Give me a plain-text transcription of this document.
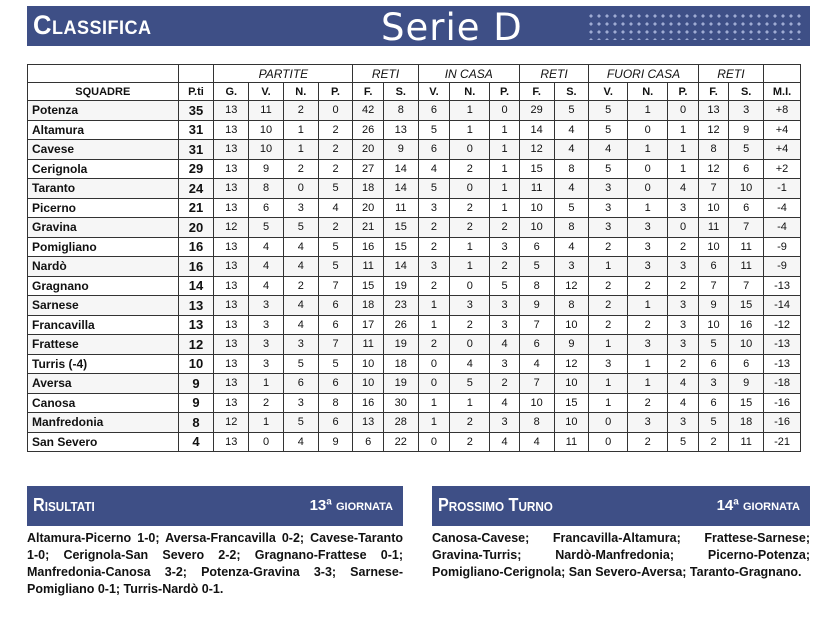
Classifica	Serie D
		PARTITE				RETI		IN CASA			RETI		FUORI CASA			RETI		
SQUADRE	P.ti	G.	V.	N.	P.	F.	S.	V.	N.	P.	F.	S.	V.	N.	P.	F.	S.	M.I.
Potenza	35	13	11	2	0	42	8	6	1	0	29	5	5	1	0	13	3	+8
Altamura	31	13	10	1	2	26	13	5	1	1	14	4	5	0	1	12	9	+4
Cavese	31	13	10	1	2	20	9	6	0	1	12	4	4	1	1	8	5	+4
Cerignola	29	13	9	2	2	27	14	4	2	1	15	8	5	0	1	12	6	+2
Taranto	24	13	8	0	5	18	14	5	0	1	11	4	3	0	4	7	10	-1
Picerno	21	13	6	3	4	20	11	3	2	1	10	5	3	1	3	10	6	-4
Gravina	20	12	5	5	2	21	15	2	2	2	10	8	3	3	0	11	7	-4
Pomigliano	16	13	4	4	5	16	15	2	1	3	6	4	2	3	2	10	11	-9
Nardò	16	13	4	4	5	11	14	3	1	2	5	3	1	3	3	6	11	-9
Gragnano	14	13	4	2	7	15	19	2	0	5	8	12	2	2	2	7	7	-13
Sarnese	13	13	3	4	6	18	23	1	3	3	9	8	2	1	3	9	15	-14
Francavilla	13	13	3	4	6	17	26	1	2	3	7	10	2	2	3	10	16	-12
Frattese	12	13	3	3	7	11	19	2	0	4	6	9	1	3	3	5	10	-13
Turris (-4)	10	13	3	5	5	10	18	0	4	3	4	12	3	1	2	6	6	-13
Aversa	9	13	1	6	6	10	19	0	5	2	7	10	1	1	4	3	9	-18
Canosa	9	13	2	3	8	16	30	1	1	4	10	15	1	2	4	6	15	-16
Manfredonia	8	12	1	5	6	13	28	1	2	3	8	10	0	3	3	5	18	-16
San Severo	4	13	0	4	9	6	22	0	2	4	4	11	0	2	5	2	11	-21
Risultati	13ª giornata
Altamura-Picerno 1-0; Aversa-Francavilla 0-2; Cavese-Taranto 1-0; Cerignola-San Severo 2-2; Gragnano-Frattese 0-1; Manfredonia-Canosa 3-2; Potenza-Gravina 3-3; Sarnese-Pomigliano 0-1; Turris-Nardò 0-1.
Prossimo Turno	14ª giornata
Canosa-Cavese; Francavilla-Altamura; Frattese-Sarnese; Gravina-Turris; Nardò-Manfredonia; Picerno-Potenza; Pomigliano-Cerignola; San Severo-Aversa; Taranto-Gragnano.
